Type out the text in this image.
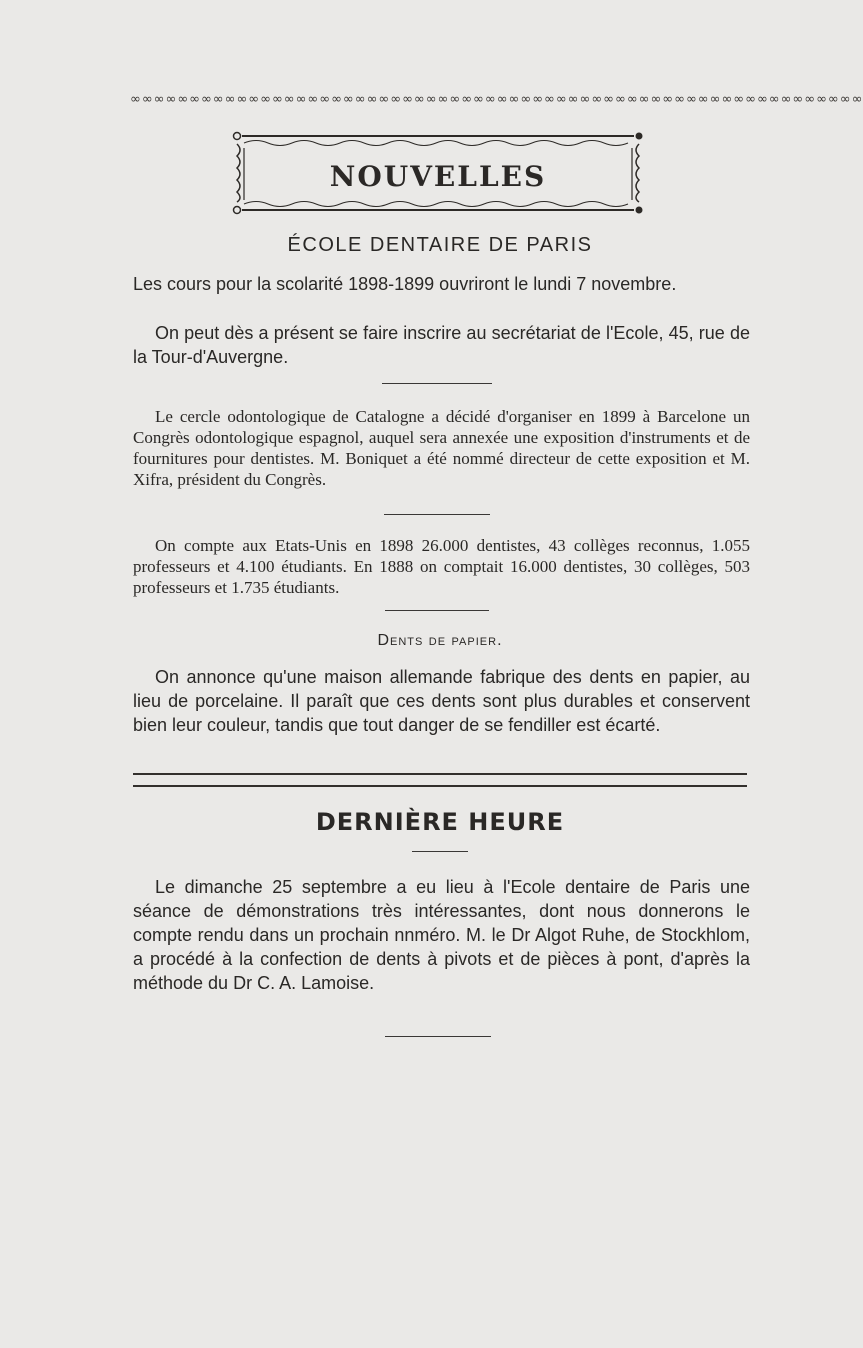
∞∞∞∞∞∞∞∞∞∞∞∞∞∞∞∞∞∞∞∞∞∞∞∞∞∞∞∞∞∞∞∞∞∞∞∞∞∞∞∞∞∞∞∞∞∞∞∞∞∞∞∞∞∞∞∞∞∞∞∞∞∞
NOUVELLES
ÉCOLE DENTAIRE DE PARIS

Les cours pour la scolarité 1898-1899 ouvriront le lundi 7 novembre.

On peut dès a présent se faire inscrire au secrétariat de l'Ecole, 45, rue de la Tour-d'Auvergne.

Le cercle odontologique de Catalogne a décidé d'organiser en 1899 à Barcelone un Congrès odontologique espagnol, auquel sera annexée une exposition d'instruments et de fournitures pour dentistes. M. Boniquet a été nommé directeur de cette exposition et M. Xifra, président du Congrès.

On compte aux Etats-Unis en 1898 26.000 dentistes, 43 collèges reconnus, 1.055 professeurs et 4.100 étudiants. En 1888 on comptait 16.000 dentistes, 30 collèges, 503 professeurs et 1.735 étudiants.

Dents de papier.

On annonce qu'une maison allemande fabrique des dents en papier, au lieu de porcelaine. Il paraît que ces dents sont plus durables et conservent bien leur couleur, tandis que tout danger de se fendiller est écarté.

DERNIÈRE HEURE

Le dimanche 25 septembre a eu lieu à l'Ecole dentaire de Paris une séance de démonstrations très intéressantes, dont nous donnerons le compte rendu dans un prochain nnméro. M. le Dr Algot Ruhe, de Stockhlom, a procédé à la confection de dents à pivots et de pièces à pont, d'après la méthode du Dr C. A. Lamoise.
